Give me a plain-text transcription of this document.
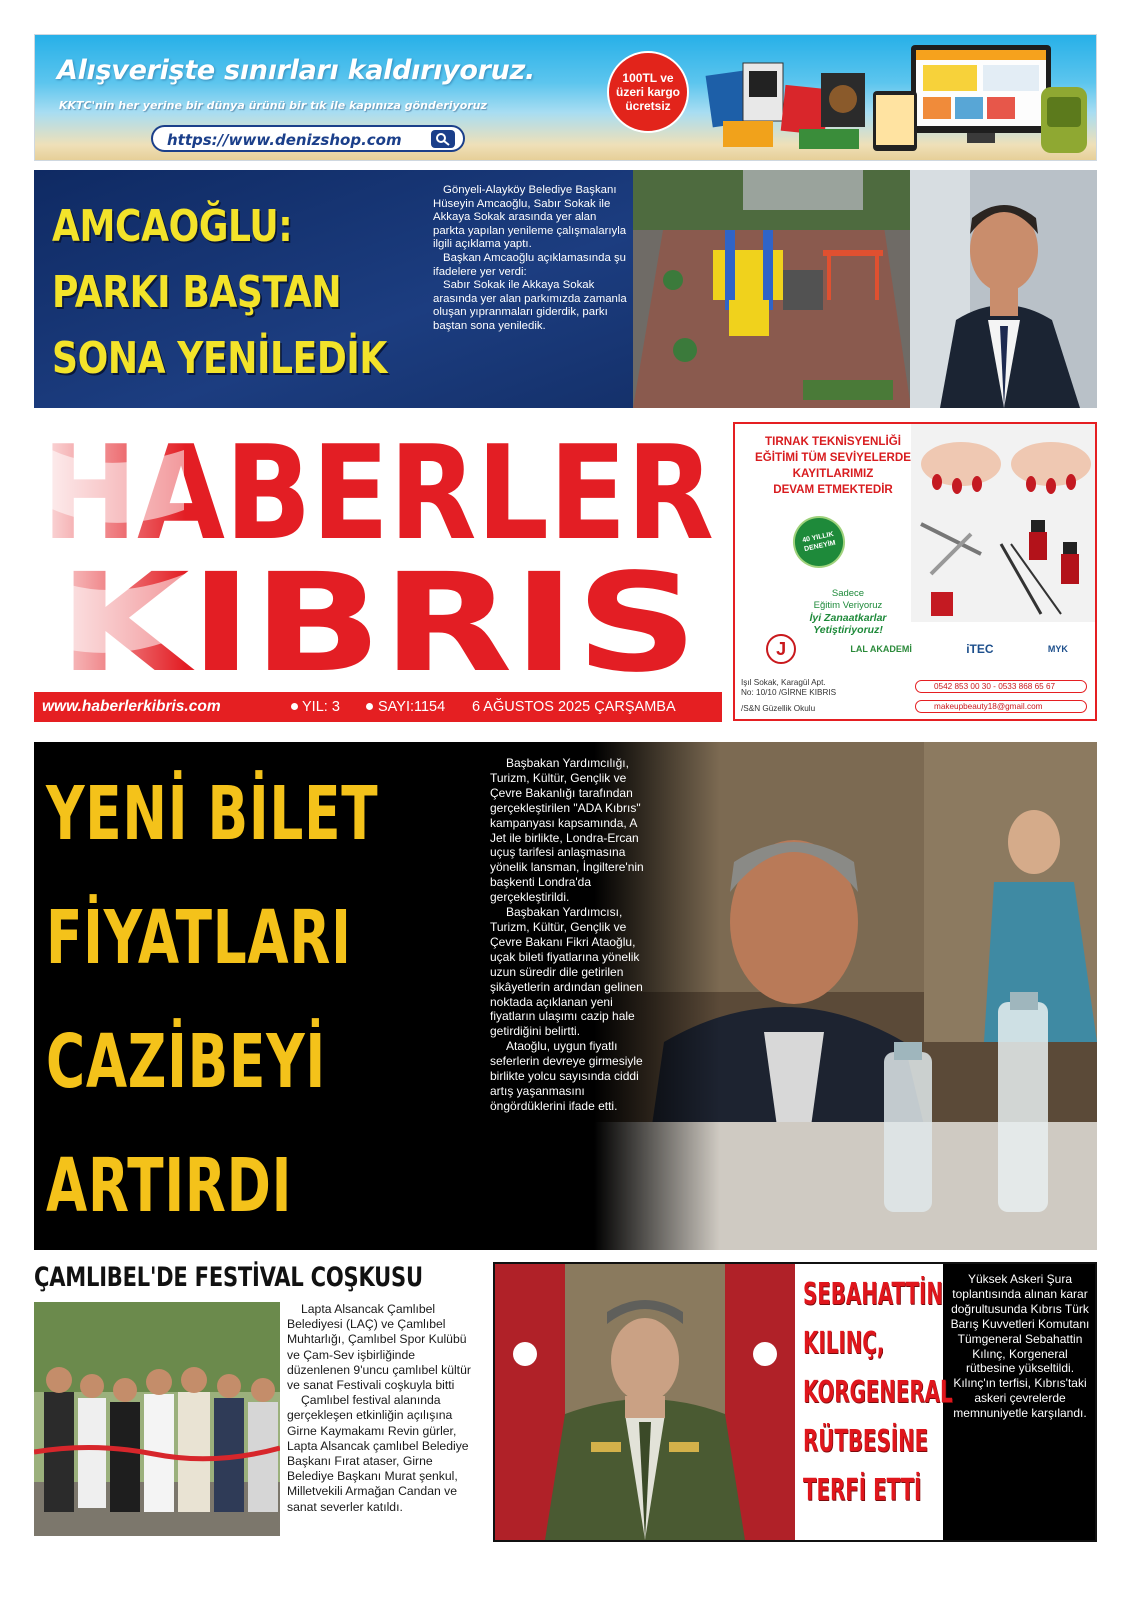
Alışverişte sınırları kaldırıyoruz.
KKTC'nin her yerine bir dünya ürünü bir tık ile kapınıza gönderiyoruz
https://www.denizshop.com
100TL ve üzeri kargo ücretsiz
AMCAOĞLU:
PARKI BAŞTAN
SONA YENİLEDİK

Gönyeli-Alayköy Belediye Başkanı Hüseyin Amcaoğlu, Sabır Sokak ile Akkaya Sokak arasında yer alan parkta yapılan yenileme çalışmalarıyla ilgili açıklama yaptı.

Başkan Amcaoğlu açıklamasında şu ifadelere yer verdi:

Sabır Sokak ile Akkaya Sokak arasında yer alan parkımızda zamanla oluşan yıpranmaları giderdik, parkı baştan sona yeniledik.

www.haberlerkibris.com	YIL: 3	SAYI:1154 6 AĞUSTOS 2025 ÇARŞAMBA
TIRNAK TEKNİSYENLİĞİ
EĞİTİMİ TÜM SEVİYELERDE
KAYITLARIMIZ
DEVAM ETMEKTEDİR
40 YILLIK DENEYİM
Sadece
Eğitim Veriyoruz
İyi Zanaatkarlar
Yetiştiriyoruz!
J	LAL AKADEMİ	iTEC	MYK
Işıl Sokak, Karagül Apt.
No: 10/10 /GİRNE KIBRIS
/S&N Güzellik Okulu
0542 853 00 30 - 0533 868 65 67
makeupbeauty18@gmail.com
YENİ BİLET
FİYATLARI
CAZİBEYİ
ARTIRDI

Başbakan Yardımcılığı, Turizm, Kültür, Gençlik ve Çevre Bakanlığı tarafından gerçekleştirilen "ADA Kıbrıs" kampanyası kapsamında, A Jet ile birlikte, Londra-Ercan uçuş tarifesi anlaşmasına yönelik lansman, İngiltere'nin başkenti Londra'da gerçekleştirildi.

Başbakan Yardımcısı, Turizm, Kültür, Gençlik ve Çevre Bakanı Fikri Ataoğlu, uçak bileti fiyatlarına yönelik uzun süredir dile getirilen şikâyetlerin ardından gelinen noktada açıklanan yeni fiyatların ulaşımı cazip hale getirdiğini belirtti.

Ataoğlu, uygun fiyatlı seferlerin devreye girmesiyle birlikte yolcu sayısında ciddi artış yaşanmasını öngördüklerini ifade etti.

ÇAMLIBEL'DE FESTİVAL COŞKUSU

Lapta Alsancak Çamlıbel Belediyesi (LAÇ) ve Çamlıbel Muhtarlığı, Çamlıbel Spor Kulübü ve Çam-Sev işbirliğinde düzenlenen 9'uncu çamlıbel kültür ve sanat Festivali coşkuyla bitti

Çamlıbel festival alanında gerçekleşen etkinliğin açılışına Girne Kaymakamı Revin gürler, Lapta Alsancak çamlıbel Belediye Başkanı Fırat ataser, Girne Belediye Başkanı Murat şenkul, Milletvekili Armağan Candan ve sanat severler katıldı.

SEBAHATTİN
KILINÇ,
KORGENERAL
RÜTBESİNE
TERFİ ETTİ
Yüksek Askeri Şura toplantısında alınan karar doğrultusunda Kıbrıs Türk Barış Kuvvetleri Komutanı Tümgeneral Sebahattin Kılınç, Korgeneral rütbesine yükseltildi. Kılınç'ın terfisi, Kıbrıs'taki askeri çevrelerde memnuniyetle karşılandı.
